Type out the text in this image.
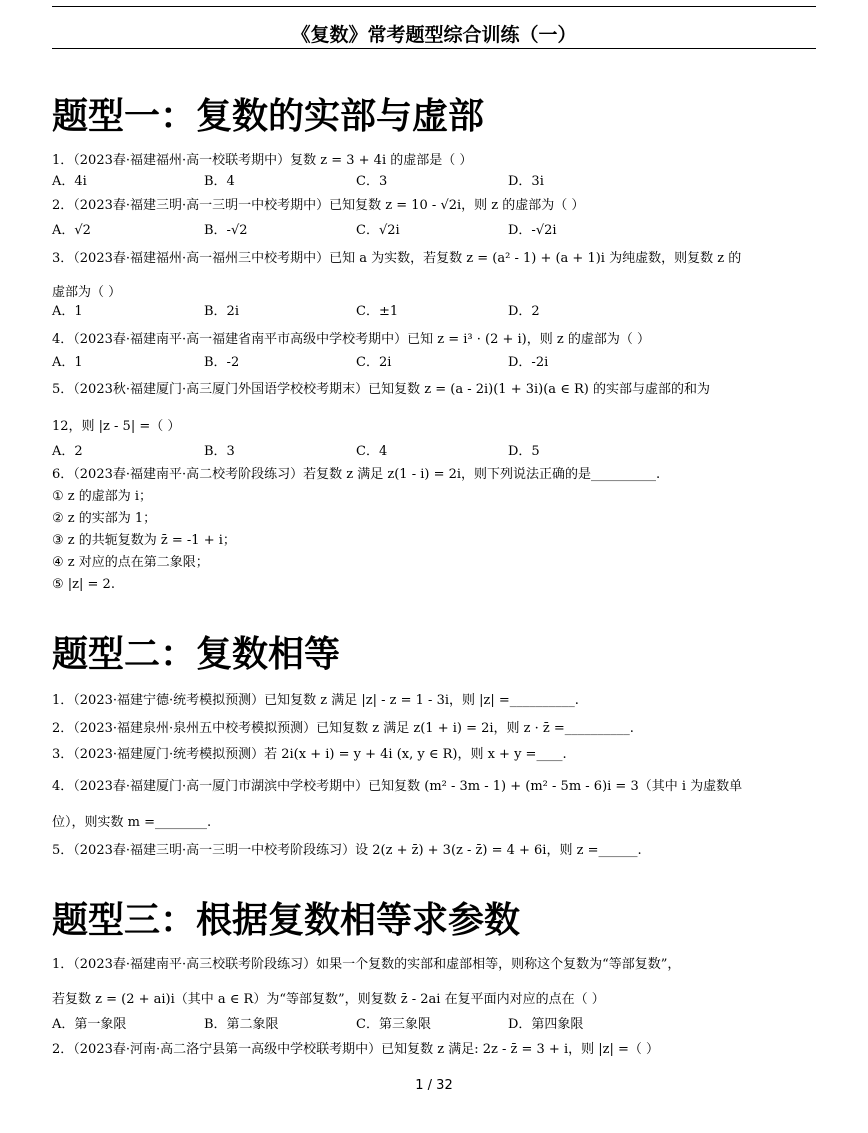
《复数》常考题型综合训练（一）
题型一：复数的实部与虚部
1．（2023春·福建福州·高一校联考期中）复数 z = 3 + 4i 的虚部是（ ）
A．4i	B．4	C．3	D．3i
2．（2023春·福建三明·高一三明一中校考期中）已知复数 z = 10 - √2i，则 z 的虚部为（ ）
A．√2	B．-√2	C．√2i	D．-√2i
3．（2023春·福建福州·高一福州三中校考期中）已知 a 为实数，若复数 z = (a² - 1) + (a + 1)i 为纯虚数，则复数 z 的
虚部为（ ）
A．1	B．2i	C．±1	D．2
4．（2023春·福建南平·高一福建省南平市高级中学校考期中）已知 z = i³ · (2 + i)，则 z 的虚部为（ ）
A．1	B．-2	C．2i	D．-2i
5．（2023秋·福建厦门·高三厦门外国语学校校考期末）已知复数 z = (a - 2i)(1 + 3i)(a ∈ R) 的实部与虚部的和为
12，则 |z - 5| =（ ）
A．2	B．3	C．4	D．5
6．（2023春·福建南平·高二校考阶段练习）若复数 z 满足 z(1 - i) = 2i，则下列说法正确的是__________.
① z 的虚部为 i；
② z 的实部为 1；
③ z 的共轭复数为 z̄ = -1 + i；
④ z 对应的点在第二象限；
⑤ |z| = 2.
题型二：复数相等
1．（2023·福建宁德·统考模拟预测）已知复数 z 满足 |z| - z = 1 - 3i，则 |z| =__________.
2．（2023·福建泉州·泉州五中校考模拟预测）已知复数 z 满足 z(1 + i) = 2i，则 z · z̄ =__________.
3．（2023·福建厦门·统考模拟预测）若 2i(x + i) = y + 4i (x, y ∈ R)，则 x + y =____.
4．（2023春·福建厦门·高一厦门市湖滨中学校考期中）已知复数 (m² - 3m - 1) + (m² - 5m - 6)i = 3（其中 i 为虚数单
位），则实数 m =________.
5．（2023春·福建三明·高一三明一中校考阶段练习）设 2(z + z̄) + 3(z - z̄) = 4 + 6i，则 z =______.
题型三：根据复数相等求参数
1．（2023春·福建南平·高三校联考阶段练习）如果一个复数的实部和虚部相等，则称这个复数为“等部复数”，
若复数 z = (2 + ai)i（其中 a ∈ R）为“等部复数”，则复数 z̄ - 2ai 在复平面内对应的点在（ ）
A．第一象限	B．第二象限	C．第三象限	D．第四象限
2．（2023春·河南·高二洛宁县第一高级中学校联考期中）已知复数 z 满足: 2z - z̄ = 3 + i，则 |z| =（ ）
1 / 32
